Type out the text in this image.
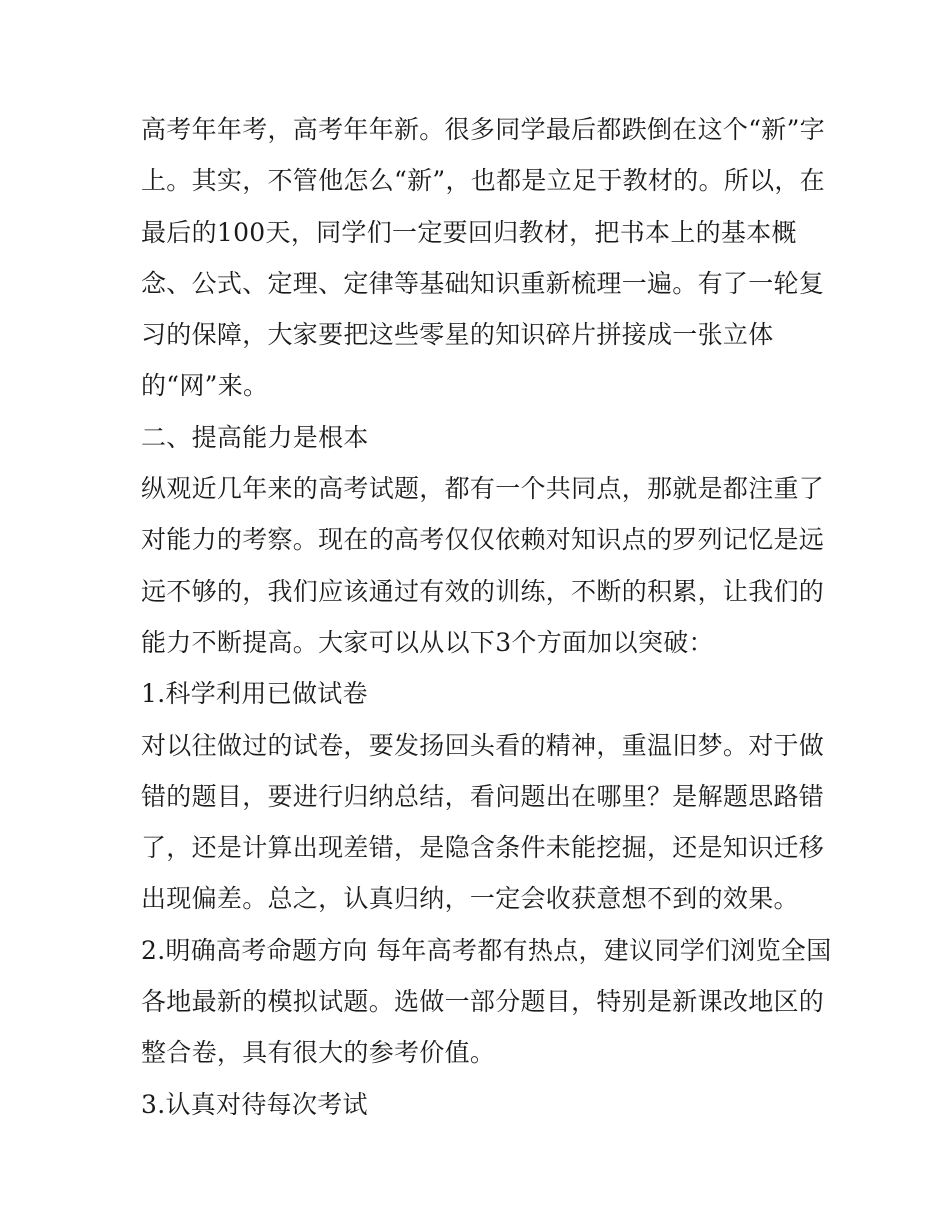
高考年年考，高考年年新。很多同学最后都跌倒在这个“新”字
上。其实，不管他怎么“新”，也都是立足于教材的。所以，在
最后的100天，同学们一定要回归教材，把书本上的基本概
念、公式、定理、定律等基础知识重新梳理一遍。有了一轮复
习的保障，大家要把这些零星的知识碎片拼接成一张立体
的“网”来。

二、提高能力是根本

纵观近几年来的高考试题，都有一个共同点，那就是都注重了
对能力的考察。现在的高考仅仅依赖对知识点的罗列记忆是远
远不够的，我们应该通过有效的训练，不断的积累，让我们的
能力不断提高。大家可以从以下3个方面加以突破：

1.科学利用已做试卷

对以往做过的试卷，要发扬回头看的精神，重温旧梦。对于做
错的题目，要进行归纳总结，看问题出在哪里？是解题思路错
了，还是计算出现差错，是隐含条件未能挖掘，还是知识迁移
出现偏差。总之，认真归纳，一定会收获意想不到的效果。

2.明确高考命题方向 每年高考都有热点，建议同学们浏览全国
各地最新的模拟试题。选做一部分题目，特别是新课改地区的
整合卷，具有很大的参考价值。

3.认真对待每次考试
